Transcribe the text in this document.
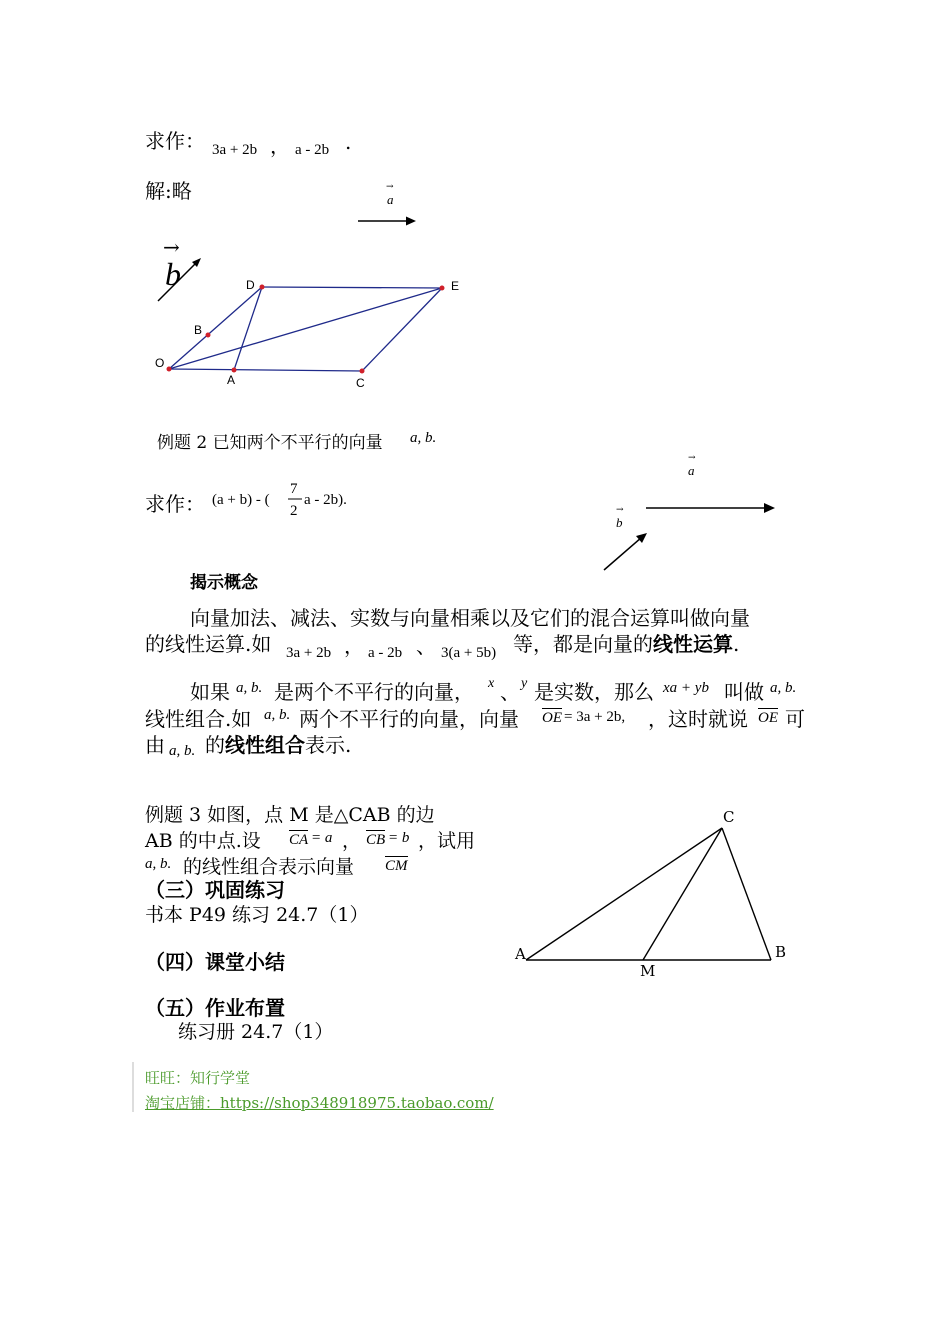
求作： 3a + 2b ， a - 2b .
解:略	a
→
b
→
D	E
B
O
A	C
例题 2 已知两个不平行的向量 a, b.
求作： (a + b) - (
7
2
a - 2b).
a
→
b
→
揭示概念
向量加法、减法、实数与向量相乘以及它们的混合运算叫做向量
的线性运算.如 3a + 2b ， a - 2b 、 3(a + 5b) 等，都是向量的线性运算.
如果 a, b. 是两个不平行的向量， x 、 y 是实数，那么 xa + yb 叫做 a, b.
线性组合.如 a, b. 两个不平行的向量，向量 OE = 3a + 2b, ，这时就说 OE 可
由 a, b. 的线性组合表示.
例题 3 如图，点 M 是△CAB 的边
AB 的中点.设 CA = a ， CB = b ，试用
a, b. 的线性组合表示向量 CM
C
A	B
M
（三）巩固练习
书本 P49 练习 24.7（1）
（四）课堂小结
（五）作业布置
练习册 24.7（1）
旺旺：知行学堂
淘宝店铺：https://shop348918975.taobao.com/
